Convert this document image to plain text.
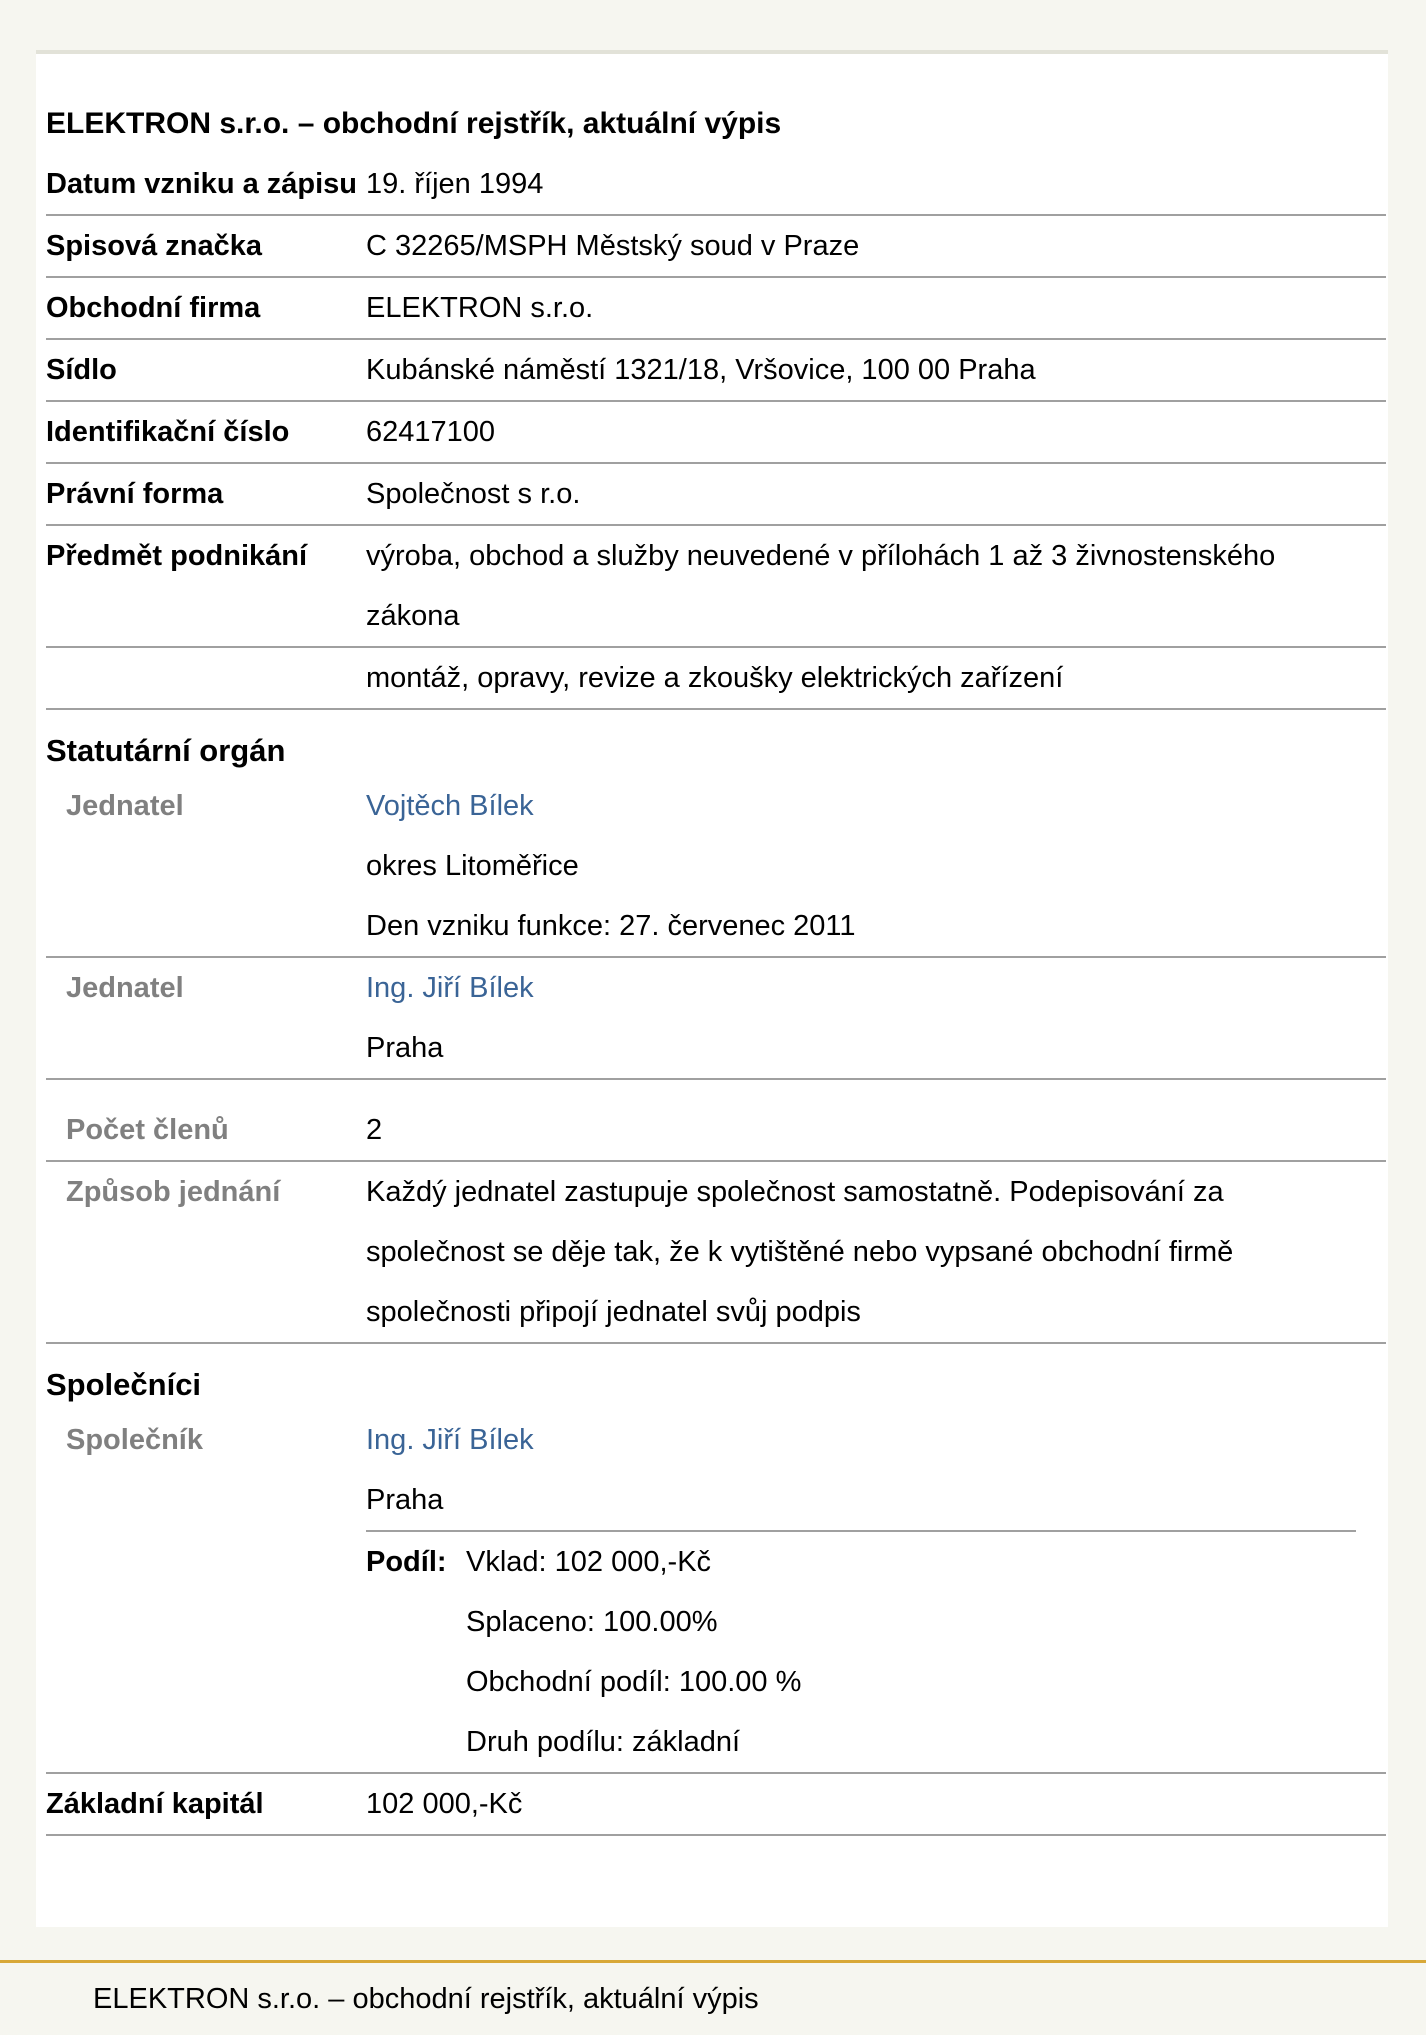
ELEKTRON s.r.o. – obchodní rejstřík, aktuální výpis
Datum vzniku a zápisu 19. říjen 1994
Spisová značka	C 32265/MSPH Městský soud v Praze
Obchodní firma	ELEKTRON s.r.o.
Sídlo	Kubánské náměstí 1321/18, Vršovice, 100 00 Praha
Identifikační číslo	62417100
Právní forma	Společnost s r.o.
Předmět podnikání	výroba, obchod a služby neuvedené v přílohách 1 až 3 živnostenského zákona
montáž, opravy, revize a zkoušky elektrických zařízení
Statutární orgán
Jednatel	Vojtěch Bílek
okres Litoměřice
Den vzniku funkce: 27. červenec 2011
Jednatel	Ing. Jiří Bílek
Praha
Počet členů	2
Způsob jednání	Každý jednatel zastupuje společnost samostatně. Podepisování za společnost se děje tak, že k vytištěné nebo vypsané obchodní firmě společnosti připojí jednatel svůj podpis
Společníci
Společník	Ing. Jiří Bílek
Praha
Podíl: Vklad: 102 000,-Kč
Splaceno: 100.00%
Obchodní podíl: 100.00 %
Druh podílu: základní
Základní kapitál	102 000,-Kč
ELEKTRON s.r.o. – obchodní rejstřík, aktuální výpis
